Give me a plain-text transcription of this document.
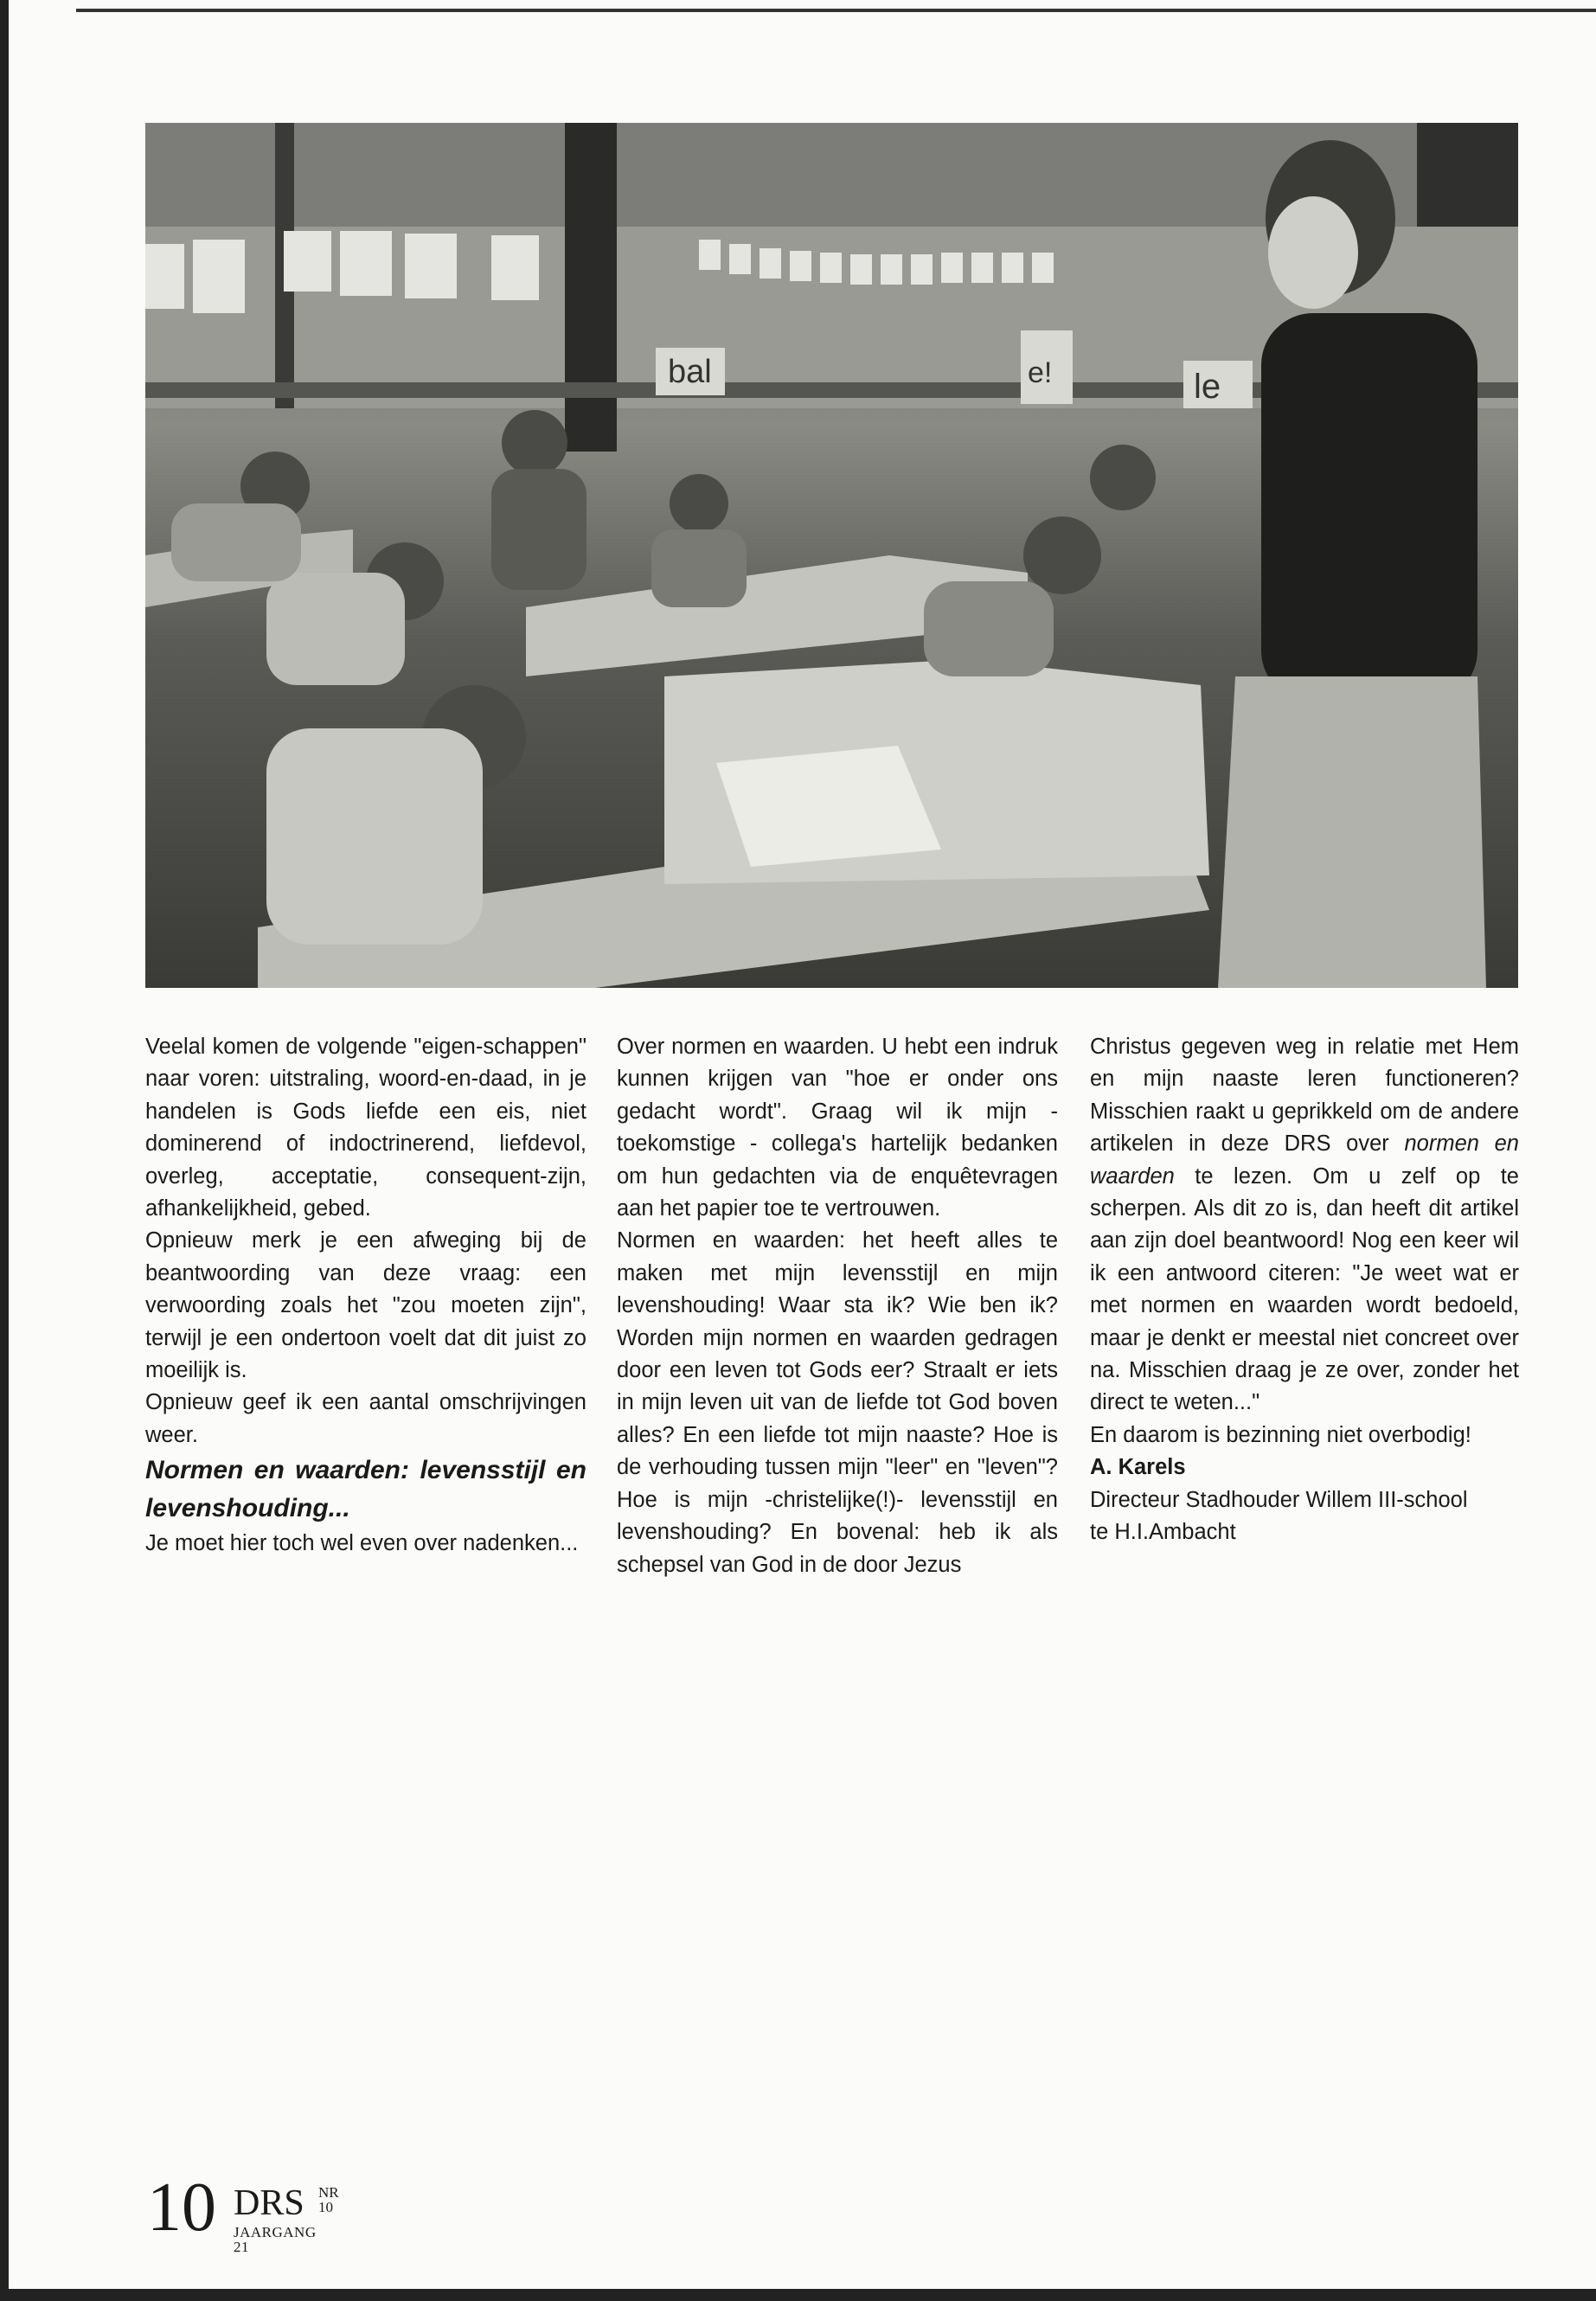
bal	e!	le

Veelal komen de volgende "eigen-schappen" naar voren: uitstraling, woord-en-daad, in je handelen is Gods liefde een eis, niet dominerend of indoctrinerend, liefdevol, overleg, acceptatie, consequent-zijn, afhankelijkheid, gebed.

Opnieuw merk je een afweging bij de beantwoording van deze vraag: een verwoording zoals het "zou moeten zijn", terwijl je een ondertoon voelt dat dit juist zo moeilijk is.

Opnieuw geef ik een aantal omschrijvingen weer.

Normen en waarden: levensstijl en levenshouding...

Je moet hier toch wel even over nadenken...

Over normen en waarden. U hebt een indruk kunnen krijgen van "hoe er onder ons gedacht wordt". Graag wil ik mijn - toekomstige - collega's hartelijk bedanken om hun gedachten via de enquêtevragen aan het papier toe te vertrouwen.

Normen en waarden: het heeft alles te maken met mijn levensstijl en mijn levenshouding! Waar sta ik? Wie ben ik? Worden mijn normen en waarden gedragen door een leven tot Gods eer? Straalt er iets in mijn leven uit van de liefde tot God boven alles? En een liefde tot mijn naaste? Hoe is de verhouding tussen mijn "leer" en "leven"? Hoe is mijn -christelijke(!)- levensstijl en levenshouding? En bovenal: heb ik als schepsel van God in de door Jezus

Christus gegeven weg in relatie met Hem en mijn naaste leren functioneren? Misschien raakt u geprikkeld om de andere artikelen in deze DRS over normen en waarden te lezen. Om u zelf op te scherpen. Als dit zo is, dan heeft dit artikel aan zijn doel beantwoord! Nog een keer wil ik een antwoord citeren: "Je weet wat er met normen en waarden wordt bedoeld, maar je denkt er meestal niet concreet over na. Misschien draag je ze over, zonder het direct te weten..."

En daarom is bezinning niet overbodig!

A. Karels

Directeur Stadhouder Willem III-school

te H.I.Ambacht

10 DRS NR 10
JAARGANG 21
